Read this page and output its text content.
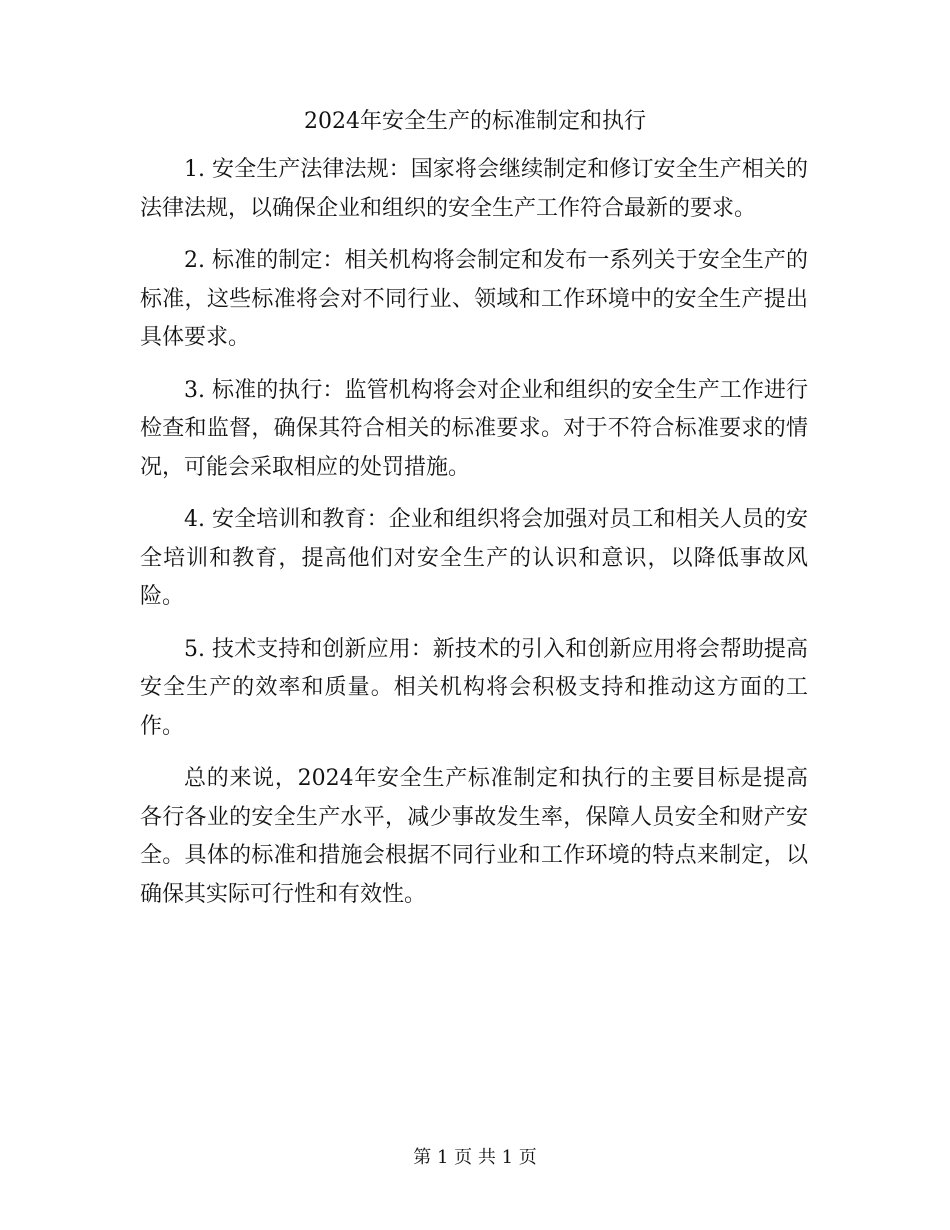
2024年安全生产的标准制定和执行

1. 安全生产法律法规：国家将会继续制定和修订安全生产相关的法律法规，以确保企业和组织的安全生产工作符合最新的要求。

2. 标准的制定：相关机构将会制定和发布一系列关于安全生产的标准，这些标准将会对不同行业、领域和工作环境中的安全生产提出具体要求。

3. 标准的执行：监管机构将会对企业和组织的安全生产工作进行检查和监督，确保其符合相关的标准要求。对于不符合标准要求的情况，可能会采取相应的处罚措施。

4. 安全培训和教育：企业和组织将会加强对员工和相关人员的安全培训和教育，提高他们对安全生产的认识和意识，以降低事故风险。

5. 技术支持和创新应用：新技术的引入和创新应用将会帮助提高安全生产的效率和质量。相关机构将会积极支持和推动这方面的工作。

总的来说，2024年安全生产标准制定和执行的主要目标是提高各行各业的安全生产水平，减少事故发生率，保障人员安全和财产安全。具体的标准和措施会根据不同行业和工作环境的特点来制定，以确保其实际可行性和有效性。

第 1 页 共 1 页
